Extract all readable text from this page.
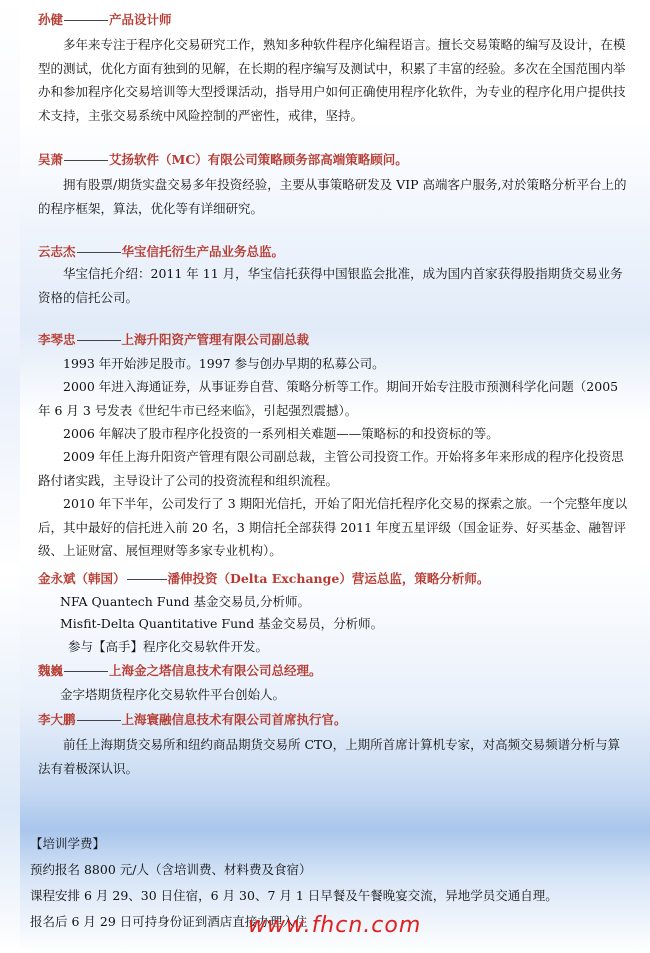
孙健	产品设计师
多年来专注于程序化交易研究工作，熟知多种软件程序化编程语言。擅长交易策略的编写及设计，在模型的测试，优化方面有独到的见解，在长期的程序编写及测试中，积累了丰富的经验。多次在全国范围内举办和参加程序化交易培训等大型授课活动，指导用户如何正确使用程序化软件，为专业的程序化用户提供技术支持，主张交易系统中风险控制的严密性，戒律，坚持。
吴萧	艾扬软件（MC）有限公司策略顾务部高端策略顾问。
拥有股票/期货实盘交易多年投资经验，主要从事策略研发及 VIP 高端客户服务,对於策略分析平台上的的程序框架，算法，优化等有详细研究。
云志杰	华宝信托衍生产品业务总监。
华宝信托介绍：2011 年 11 月，华宝信托获得中国银监会批准，成为国内首家获得股指期货交易业务资格的信托公司。
李琴忠	上海升阳资产管理有限公司副总裁
1993 年开始涉足股市。1997 参与创办早期的私募公司。
2000 年进入海通证券，从事证券自营、策略分析等工作。期间开始专注股市预测科学化问题（2005 年 6 月 3 号发表《世纪牛市已经来临》，引起强烈震撼）。
2006 年解决了股市程序化投资的一系列相关难题——策略标的和投资标的等。
2009 年任上海升阳资产管理有限公司副总裁，主管公司投资工作。开始将多年来形成的程序化投资思路付诸实践，主导设计了公司的投资流程和组织流程。
2010 年下半年，公司发行了 3 期阳光信托，开始了阳光信托程序化交易的探索之旅。一个完整年度以后，其中最好的信托进入前 20 名，3 期信托全部获得 2011 年度五星评级（国金证券、好买基金、融智评级、上证财富、展恒理财等多家专业机构）。
金永斌（韩国）	潘伸投资（Delta Exchange）营运总监，策略分析师。
NFA Quantech Fund 基金交易员,分析师。
Misfit-Delta Quantitative Fund 基金交易员，分析师。
参与【高手】程序化交易软件开发。
魏巍	上海金之塔信息技术有限公司总经理。
金字塔期货程序化交易软件平台创始人。
李大鹏	上海寰融信息技术有限公司首席执行官。
前任上海期货交易所和纽约商品期货交易所 CTO，上期所首席计算机专家，对高频交易频谱分析与算法有着极深认识。
【培训学费】
预约报名 8800 元/人（含培训费、材料费及食宿）
课程安排 6 月 29、30 日住宿，6 月 30、7 月 1 日早餐及午餐晚宴交流，异地学员交通自理。
报名后 6 月 29 日可持身份证到酒店直接办理入住
www.fhcn.com
